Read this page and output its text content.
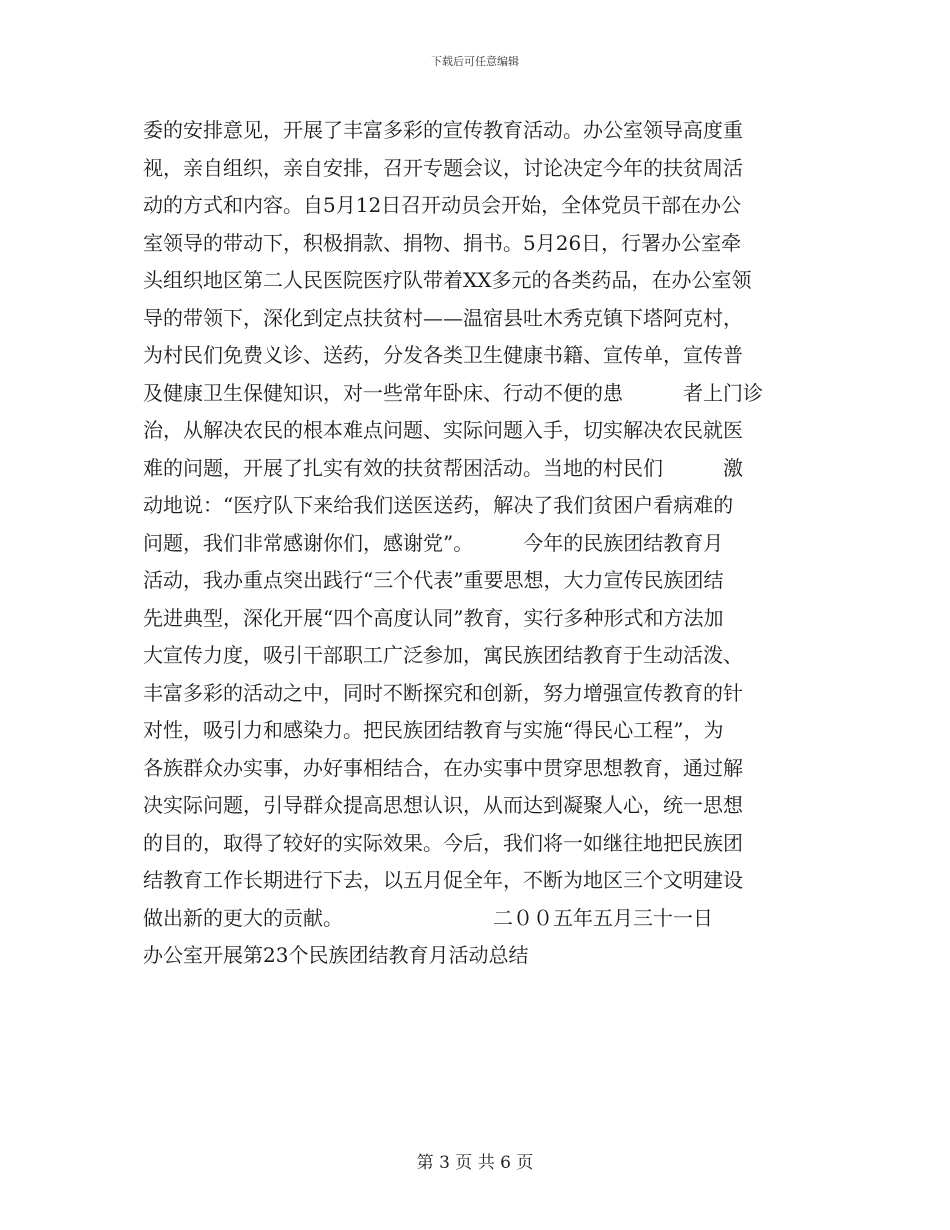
下载后可任意编辑
委的安排意见，开展了丰富多彩的宣传教育活动。办公室领导高度重
视，亲自组织，亲自安排，召开专题会议，讨论决定今年的扶贫周活
动的方式和内容。自5月12日召开动员会开始，全体党员干部在办公
室领导的带动下，积极捐款、捐物、捐书。5月26日，行署办公室牵
头组织地区第二人民医院医疗队带着XX多元的各类药品，在办公室领
导的带领下，深化到定点扶贫村——温宿县吐木秀克镇下塔阿克村，
为村民们免费义诊、送药，分发各类卫生健康书籍、宣传单，宣传普
及健康卫生保健知识，对一些常年卧床、行动不便的患　　　者上门诊
治，从解决农民的根本难点问题、实际问题入手，切实解决农民就医
难的问题，开展了扎实有效的扶贫帮困活动。当地的村民们　　　激
动地说：“医疗队下来给我们送医送药，解决了我们贫困户看病难的
问题，我们非常感谢你们，感谢党”。　　　今年的民族团结教育月
活动，我办重点突出践行“三个代表”重要思想，大力宣传民族团结
先进典型，深化开展“四个高度认同”教育，实行多种形式和方法加
大宣传力度，吸引干部职工广泛参加，寓民族团结教育于生动活泼、
丰富多彩的活动之中，同时不断探究和创新，努力增强宣传教育的针
对性，吸引力和感染力。把民族团结教育与实施“得民心工程”，为
各族群众办实事，办好事相结合，在办实事中贯穿思想教育，通过解
决实际问题，引导群众提高思想认识，从而达到凝聚人心，统一思想
的目的，取得了较好的实际效果。今后，我们将一如继往地把民族团
结教育工作长期进行下去，以五月促全年，不断为地区三个文明建设
做出新的更大的贡献。　　　　　　　　二００五年五月三十一日
办公室开展第23个民族团结教育月活动总结
第 3 页 共 6 页
